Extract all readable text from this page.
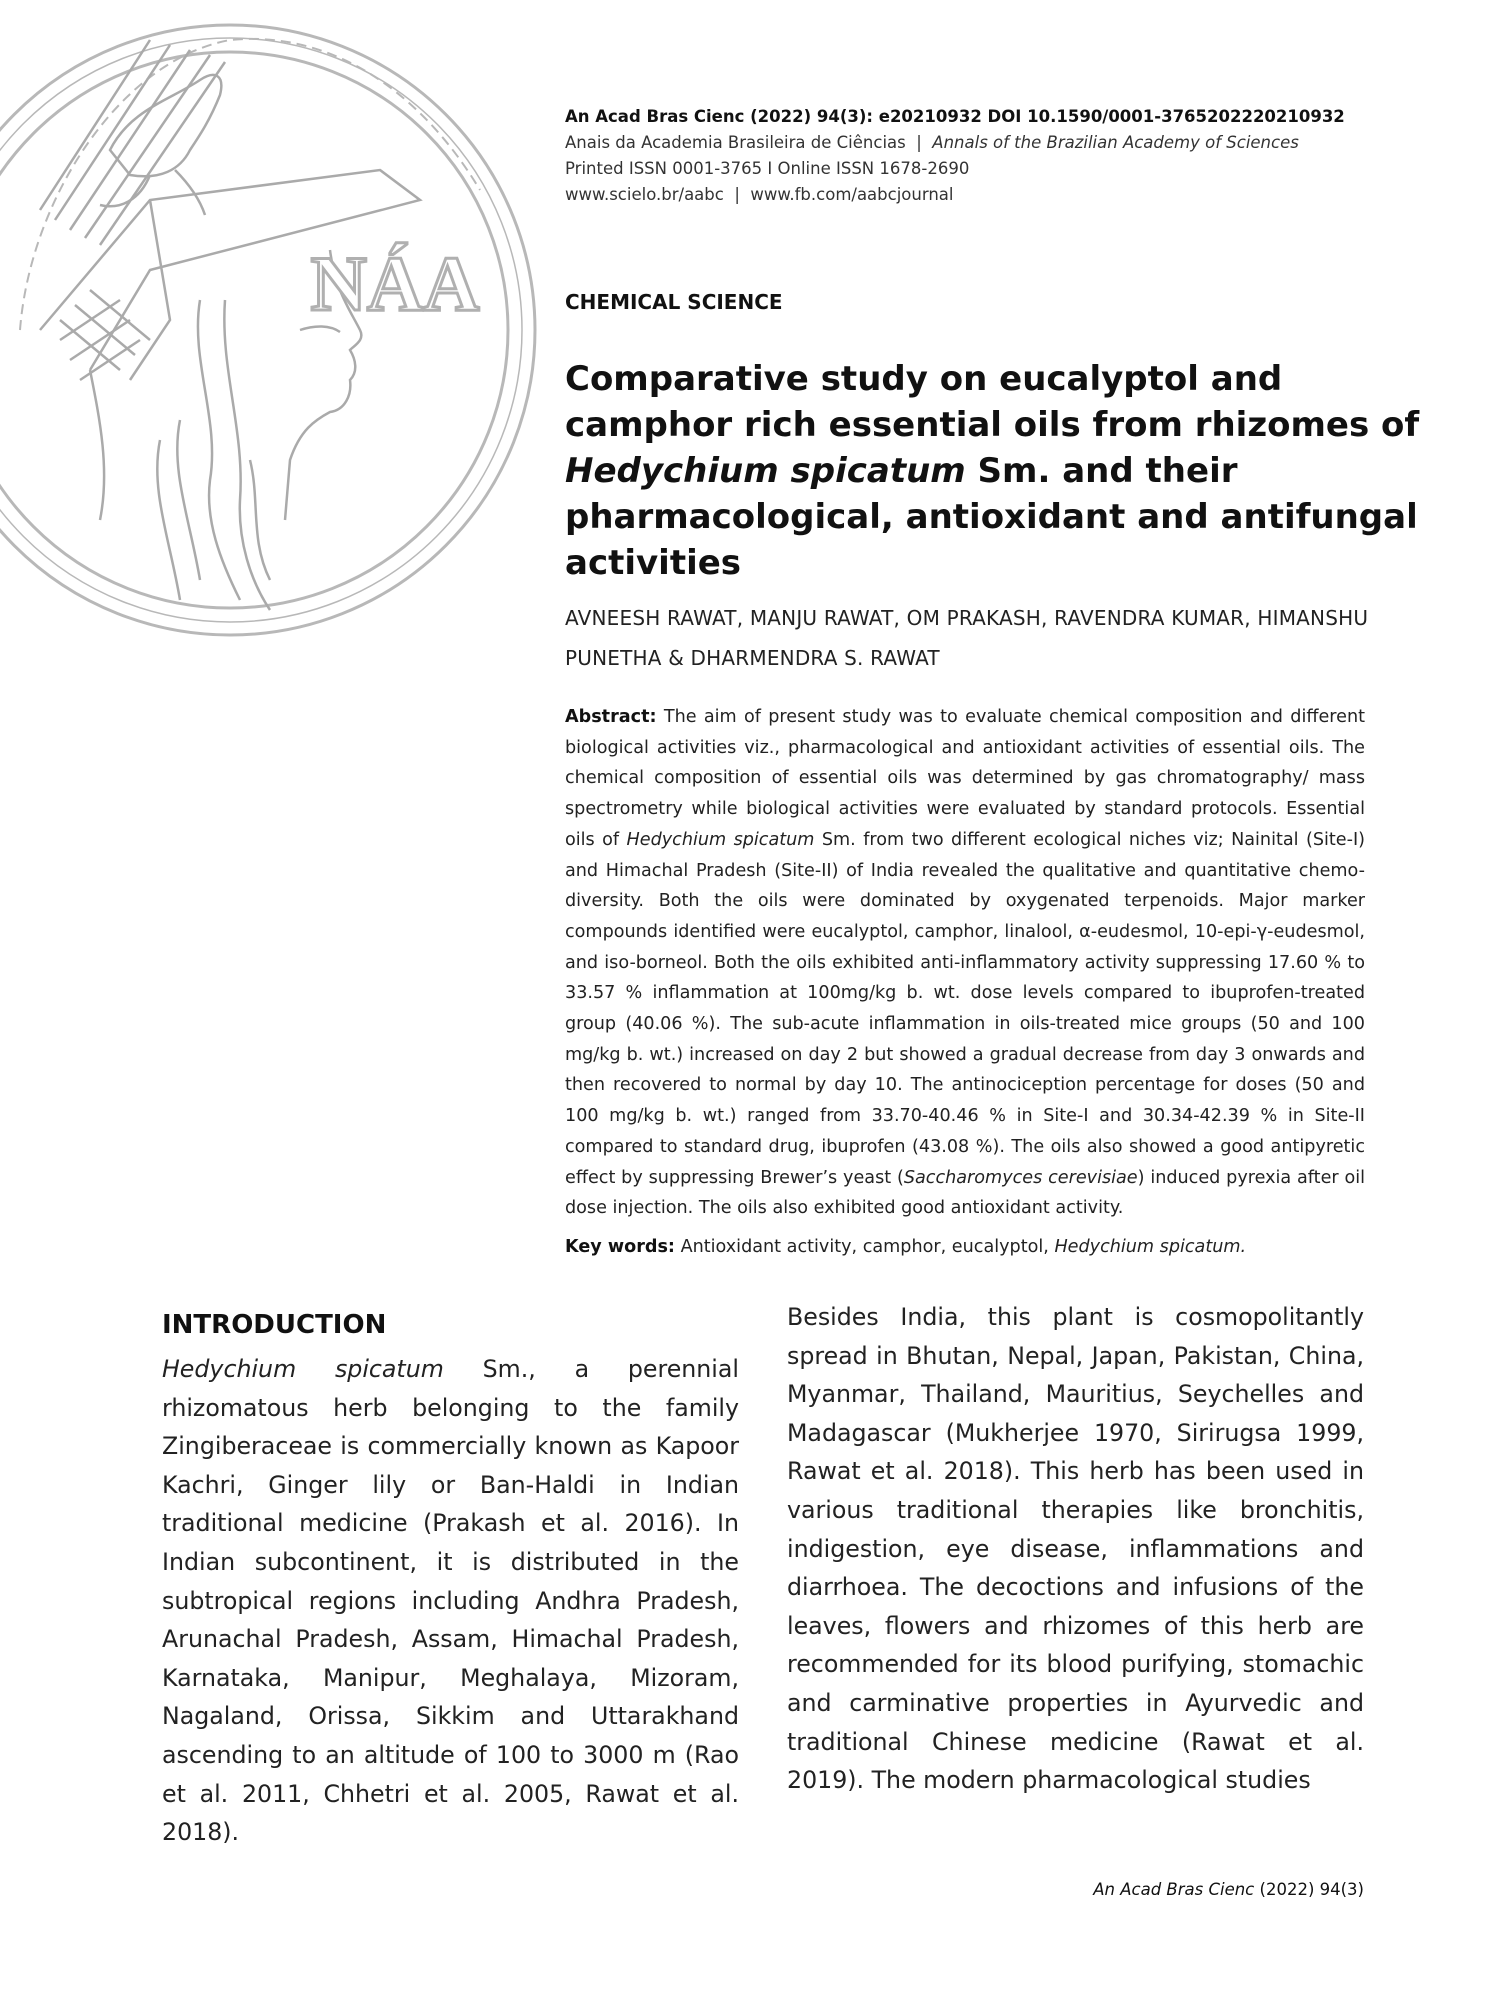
NÁA
An Acad Bras Cienc (2022) 94(3): e20210932 DOI 10.1590/0001-3765202220210932
Anais da Academia Brasileira de Ciências | Annals of the Brazilian Academy of Sciences
Printed ISSN 0001-3765 I Online ISSN 1678-2690
www.scielo.br/aabc | www.fb.com/aabcjournal
CHEMICAL SCIENCE
Comparative study on eucalyptol and camphor rich essential oils from rhizomes of Hedychium spicatum Sm. and their pharmacological, antioxidant and antifungal activities
AVNEESH RAWAT, MANJU RAWAT, OM PRAKASH, RAVENDRA KUMAR, HIMANSHU PUNETHA & DHARMENDRA S. RAWAT
Abstract: The aim of present study was to evaluate chemical composition and different biological activities viz., pharmacological and antioxidant activities of essential oils. The chemical composition of essential oils was determined by gas chromatography/ mass spectrometry while biological activities were evaluated by standard protocols. Essential oils of Hedychium spicatum Sm. from two different ecological niches viz; Nainital (Site-I) and Himachal Pradesh (Site-II) of India revealed the qualitative and quantitative chemo-diversity. Both the oils were dominated by oxygenated terpenoids. Major marker compounds identified were eucalyptol, camphor, linalool, α-eudesmol, 10-epi-γ-eudesmol, and iso-borneol. Both the oils exhibited anti-inflammatory activity suppressing 17.60 % to 33.57 % inflammation at 100mg/kg b. wt. dose levels compared to ibuprofen-treated group (40.06 %). The sub-acute inflammation in oils-treated mice groups (50 and 100 mg/kg b. wt.) increased on day 2 but showed a gradual decrease from day 3 onwards and then recovered to normal by day 10. The antinociception percentage for doses (50 and 100 mg/kg b. wt.) ranged from 33.70-40.46 % in Site-I and 30.34-42.39 % in Site-II compared to standard drug, ibuprofen (43.08 %). The oils also showed a good antipyretic effect by suppressing Brewer’s yeast (Saccharomyces cerevisiae) induced pyrexia after oil dose injection. The oils also exhibited good antioxidant activity.
Key words: Antioxidant activity, camphor, eucalyptol, Hedychium spicatum.
INTRODUCTION

Hedychium spicatum Sm., a perennial rhizomatous herb belonging to the family Zingiberaceae is commercially known as Kapoor Kachri, Ginger lily or Ban-Haldi in Indian traditional medicine (Prakash et al. 2016). In Indian subcontinent, it is distributed in the subtropical regions including Andhra Pradesh, Arunachal Pradesh, Assam, Himachal Pradesh, Karnataka, Manipur, Meghalaya, Mizoram, Nagaland, Orissa, Sikkim and Uttarakhand ascending to an altitude of 100 to 3000 m (Rao et al. 2011, Chhetri et al. 2005, Rawat et al. 2018).

Besides India, this plant is cosmopolitantly spread in Bhutan, Nepal, Japan, Pakistan, China, Myanmar, Thailand, Mauritius, Seychelles and Madagascar (Mukherjee 1970, Sirirugsa 1999, Rawat et al. 2018). This herb has been used in various traditional therapies like bronchitis, indigestion, eye disease, inflammations and diarrhoea. The decoctions and infusions of the leaves, flowers and rhizomes of this herb are recommended for its blood purifying, stomachic and carminative properties in Ayurvedic and traditional Chinese medicine (Rawat et al. 2019). The modern pharmacological studies

An Acad Bras Cienc (2022) 94(3)
